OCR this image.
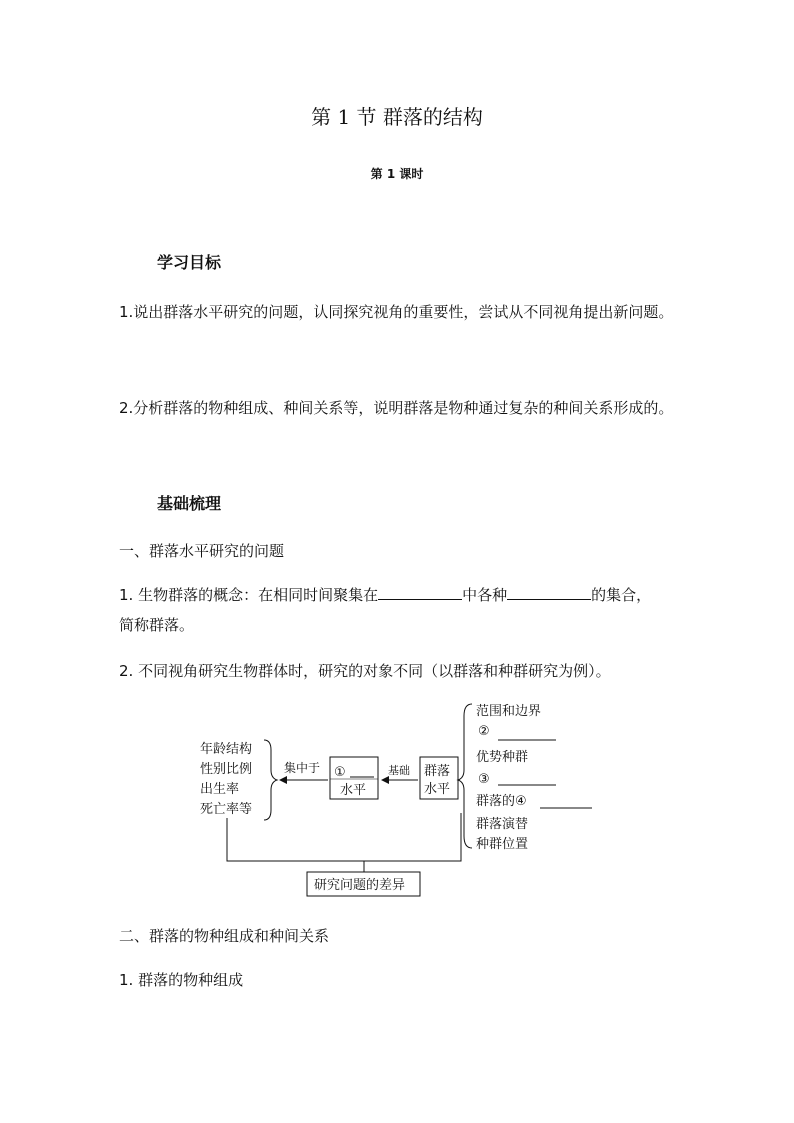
第 1 节 群落的结构
第 1 课时
学习目标
1.说出群落水平研究的问题，认同探究视角的重要性，尝试从不同视角提出新问题。
2.分析群落的物种组成、种间关系等，说明群落是物种通过复杂的种间关系形成的。
基础梳理
一、群落水平研究的问题
1. 生物群落的概念：在相同时间聚集在	中各种	的集合，
简称群落。
2. 不同视角研究生物群体时，研究的对象不同（以群落和种群研究为例）。
年龄结构
性别比例
出生率
死亡率等
集中于 ①
水平
基础 群落
水平
范围和边界
②
优势种群
③
群落的④
群落演替
种群位置
研究问题的差异
二、群落的物种组成和种间关系
1. 群落的物种组成
